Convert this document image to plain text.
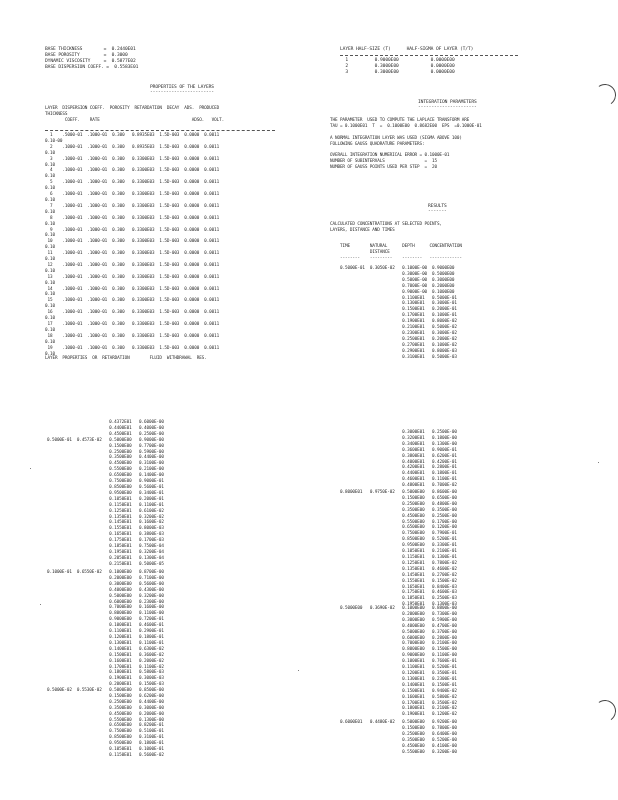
BASE THICKNESS        =  0.2440E01
BASE POROSITY         =  0.3000
DYNAMIC VISCOSITY     =  0.5877E02
BASE DISPERSION COEFF. =  0.5583E01
LAYER HALF-SIZE (T)      HALF-SIGMA OF LAYER (T/T)
1          0.9000E00            0.0000E00
2          0.3000E00            0.0000E00
3          0.3000E00            0.0000E00
PROPERTIES OF THE LAYERS
------------------------
LAYER  DISPERSION COEFF.  POROSITY  RETARDATION  DECAY  ADS.  PRODUCED
THICKNESS
COEFF.    RATE                                     ADSO.   VOLT.
1    .5000-01  .1000-01  0.300   0.8935E03  1.5D-003  0.0000  0.0011
0.10-00
2    .1000-01  .1000-01  0.300   0.8935E03  1.5D-003  0.0000  0.0011
0.10
3    .1000-01  .1000-01  0.300   0.3300E03  1.5D-003  0.0000  0.0011
0.10
4    .1000-01  .1000-01  0.300   0.3300E03  1.5D-003  0.0000  0.0011
0.10
5    .1000-01  .1000-01  0.300   0.3300E03  1.5D-003  0.0000  0.0011
0.10
6    .1000-01  .1000-01  0.300   0.3300E03  1.5D-003  0.0000  0.0011
0.10
7    .1000-01  .1000-01  0.300   0.3300E03  1.5D-003  0.0000  0.0011
0.10
8    .1000-01  .1000-01  0.300   0.3300E03  1.5D-003  0.0000  0.0011
0.10
9    .1000-01  .1000-01  0.300   0.3300E03  1.5D-003  0.0000  0.0011
0.10
10    .1000-01  .1000-01  0.300   0.3300E03  1.5D-003  0.0000  0.0011
0.10
11    .1000-01  .1000-01  0.300   0.3300E03  1.5D-003  0.0000  0.0011
0.10
12    .1000-01  .1000-01  0.300   0.3300E03  1.5D-003  0.0000  0.0011
0.10
13    .1000-01  .1000-01  0.300   0.3300E03  1.5D-003  0.0000  0.0011
0.10
14    .1000-01  .1000-01  0.300   0.3300E03  1.5D-003  0.0000  0.0011
0.10
15    .1000-01  .1000-01  0.300   0.3300E03  1.5D-003  0.0000  0.0011
0.10
16    .1000-01  .1000-01  0.300   0.3300E03  1.5D-003  0.0000  0.0011
0.10
17    .1000-01  .1000-01  0.300   0.3300E03  1.5D-003  0.0000  0.0011
0.10
18    .1000-01  .1000-01  0.300   0.3300E03  1.5D-003  0.0000  0.0011
0.10
19    .1000-01  .1000-01  0.300   0.3300E03  1.5D-003  0.0000  0.0011
0.10
LAYER  PROPERTIES  OR  RETARDATION        FLUID  WITHDRAWAL  RES.
INTEGRATION PARAMETERS
----------------------
THE PARAMETER  USED TO COMPUTE THE LAPLACE TRANSFORM ARE
TAU = 0.1000E01  T  =  0.1000E00  0.8682E00  EPS  =0.1000E-01

A NORMAL INTEGRATION LAYER WAS USED (SIGMA ABOVE 100)
FOLLOWING GAUSS QUADRATURE PARAMETERS:

OVERALL INTEGRATION NUMERICAL ERROR = 0.1000E-01
NUMBER OF SUBINTERVALS                =  15
NUMBER OF GAUSS POINTS USED PER STEP  =  20
RESULTS
-------
CALCULATED CONCENTRATIONS AT SELECTED POINTS,
LAYERS, DISTANCE AND TIMES
TIME        NATURAL      DEPTH      CONCENTRATION
DISTANCE
--------    ---------    --------   -------------
0.5000E-01  0.3050E-02   0.1000E-00  0.9000E00
0.3000E-00  0.5000E00
0.5000E-00  0.3000E00
0.7000E-00  0.2000E00
0.9000E-00  0.1000E00
0.1100E01   0.5000E-01
0.1300E01   0.3000E-01
0.1500E01   0.2000E-01
0.1700E01   0.1000E-01
0.1900E01   0.8000E-02
0.2100E01   0.5000E-02
0.2300E01   0.3000E-02
0.2500E01   0.2000E-02
0.2700E01   0.1000E-02
0.2900E01   0.8000E-03
0.3100E01   0.5000E-03
0.4372E01   0.6000E-00
0.4400E01   0.4000E-00
0.4500E01   0.2500E-00
0.5000E-01  0.4573E-02   0.5000E00   0.9000E-00
0.1500E00   0.7700E-00
0.2500E00   0.5900E-00
0.3500E00   0.4400E-00
0.4500E00   0.3100E-00
0.5500E00   0.2100E-00
0.6500E00   0.1400E-00
0.7500E00   0.9000E-01
0.8500E00   0.5600E-01
0.9500E00   0.3400E-01
0.1050E01   0.2000E-01
0.1150E01   0.1100E-01
0.1250E01   0.6100E-02
0.1350E01   0.3200E-02
0.1450E01   0.1600E-02
0.1550E01   0.8000E-03
0.1650E01   0.3800E-03
0.1750E01   0.1700E-03
0.1850E01   0.7500E-04
0.1950E01   0.3200E-04
0.2050E01   0.1300E-04
0.2150E01   0.5000E-05
0.1000E-01  0.6550E-02   0.1000E00   0.8700E-00
0.2000E00   0.7100E-00
0.3000E00   0.5600E-00
0.4000E00   0.4300E-00
0.5000E00   0.3200E-00
0.6000E00   0.2300E-00
0.7000E00   0.1600E-00
0.8000E00   0.1100E-00
0.9000E00   0.7200E-01
0.1000E01   0.4600E-01
0.1100E01   0.2900E-01
0.1200E01   0.1800E-01
0.1300E01   0.1100E-01
0.1400E01   0.6300E-02
0.1500E01   0.3600E-02
0.1600E01   0.2000E-02
0.1700E01   0.1100E-02
0.1800E01   0.5800E-03
0.1900E01   0.3000E-03
0.2000E01   0.1500E-03
0.5000E-02  0.5530E-02   0.5000E00   0.8500E-00
0.1500E00   0.6200E-00
0.2500E00   0.4400E-00
0.3500E00   0.3000E-00
0.4500E00   0.2000E-00
0.5500E00   0.1300E-00
0.6500E00   0.8200E-01
0.7500E00   0.5100E-01
0.8500E00   0.3100E-01
0.9500E00   0.1800E-01
0.1050E01   0.1000E-01
0.1150E01   0.5600E-02
0.3000E01   0.2500E-00
0.3200E01   0.1800E-00
0.3400E01   0.1300E-00
0.3600E01   0.9000E-01
0.3800E01   0.6200E-01
0.4000E01   0.4200E-01
0.4200E01   0.2800E-01
0.4400E01   0.1800E-01
0.4600E01   0.1100E-01
0.4800E01   0.7000E-02
0.8000E01   0.9750E-02   0.5000E00   0.8600E-00
0.1500E00   0.6500E-00
0.2500E00   0.4800E-00
0.3500E00   0.3500E-00
0.4500E00   0.2500E-00
0.5500E00   0.1700E-00
0.6500E00   0.1200E-00
0.7500E00   0.7900E-01
0.8500E00   0.5200E-01
0.9500E00   0.3300E-01
0.1050E01   0.2100E-01
0.1150E01   0.1300E-01
0.1250E01   0.7800E-02
0.1350E01   0.4600E-02
0.1450E01   0.2700E-02
0.1550E01   0.1500E-02
0.1650E01   0.8400E-03
0.1750E01   0.4600E-03
0.1850E01   0.2500E-03
0.1950E01   0.1300E-03
0.5000E00   0.3690E-02   0.1000E00   0.8800E-00
0.2000E00   0.7300E-00
0.3000E00   0.5900E-00
0.4000E00   0.4700E-00
0.5000E00   0.3700E-00
0.6000E00   0.2800E-00
0.7000E00   0.2100E-00
0.8000E00   0.1500E-00
0.9000E00   0.1100E-00
0.1000E01   0.7600E-01
0.1100E01   0.5200E-01
0.1200E01   0.3500E-01
0.1300E01   0.2300E-01
0.1400E01   0.1500E-01
0.1500E01   0.9400E-02
0.1600E01   0.5800E-02
0.1700E01   0.3500E-02
0.1800E01   0.2100E-02
0.1900E01   0.1200E-02
0.6000E01   0.4480E-02   0.5000E00   0.9200E-00
0.1500E00   0.7800E-00
0.2500E00   0.6400E-00
0.3500E00   0.5200E-00
0.4500E00   0.4100E-00
0.5500E00   0.3200E-00
